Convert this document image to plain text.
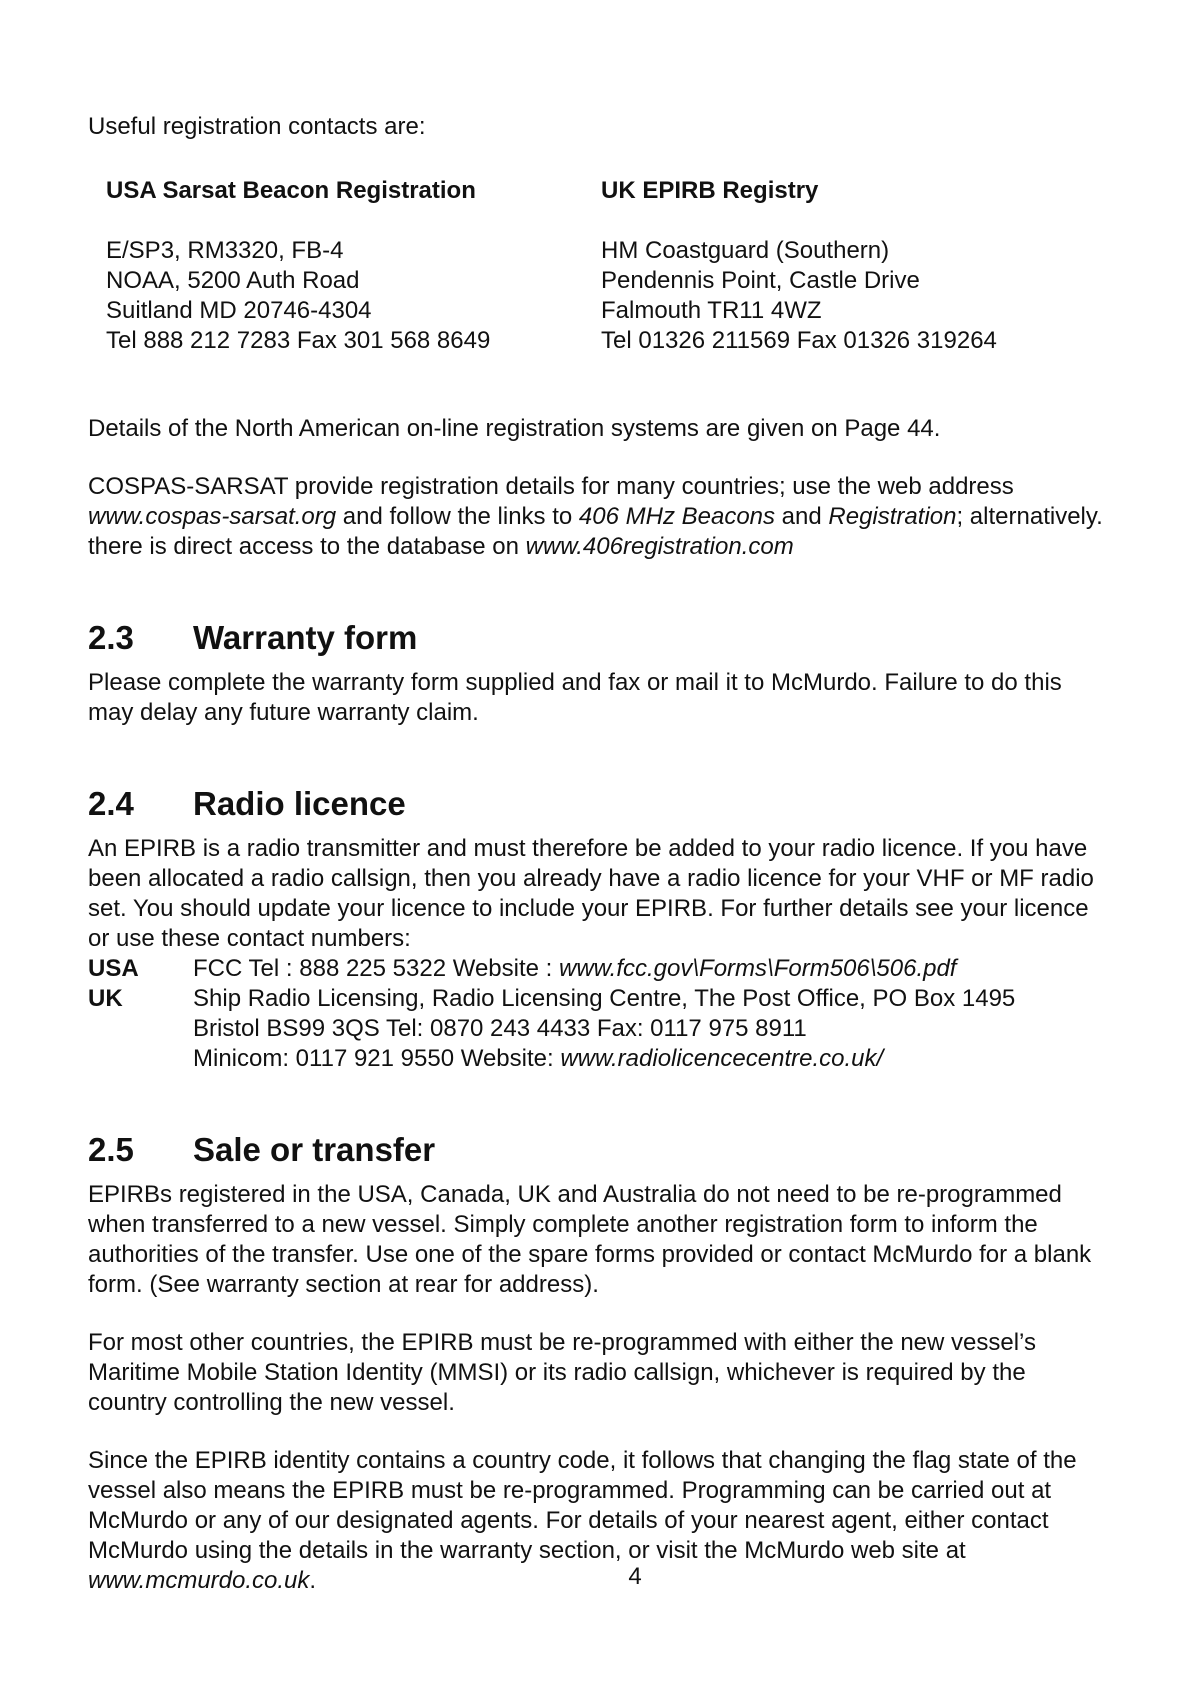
Useful registration contacts are:

USA Sarsat Beacon Registration

E/SP3, RM3320, FB-4
NOAA, 5200 Auth Road
Suitland MD 20746-4304
Tel 888 212 7283 Fax 301 568 8649

UK EPIRB Registry

HM Coastguard (Southern)
Pendennis Point, Castle Drive
Falmouth TR11 4WZ
Tel 01326 211569 Fax 01326 319264

Details of the North American on-line registration systems are given on Page 44.

COSPAS-SARSAT provide registration details for many countries; use the web address www.cospas-sarsat.org and follow the links to 406 MHz Beacons and Registration; alternatively. there is direct access to the database on www.406registration.com

2.3	Warranty form

Please complete the warranty form supplied and fax or mail it to McMurdo. Failure to do this may delay any future warranty claim.

2.4	Radio licence

An EPIRB is a radio transmitter and must therefore be added to your radio licence. If you have been allocated a radio callsign, then you already have a radio licence for your VHF or MF radio set. You should update your licence to include your EPIRB. For further details see your licence or use these contact numbers:

USA	FCC Tel : 888 225 5322 Website : www.fcc.gov\Forms\Form506\506.pdf
UK	Ship Radio Licensing, Radio Licensing Centre, The Post Office, PO Box 1495
Bristol BS99 3QS Tel: 0870 243 4433 Fax: 0117 975 8911
Minicom: 0117 921 9550 Website: www.radiolicencecentre.co.uk/
2.5	Sale or transfer

EPIRBs registered in the USA, Canada, UK and Australia do not need to be re-programmed when transferred to a new vessel. Simply complete another registration form to inform the authorities of the transfer. Use one of the spare forms provided or contact McMurdo for a blank form. (See warranty section at rear for address).

For most other countries, the EPIRB must be re-programmed with either the new vessel’s Maritime Mobile Station Identity (MMSI) or its radio callsign, whichever is required by the country controlling the new vessel.

Since the EPIRB identity contains a country code, it follows that changing the flag state of the vessel also means the EPIRB must be re-programmed. Programming can be carried out at McMurdo or any of our designated agents. For details of your nearest agent, either contact McMurdo using the details in the warranty section, or visit the McMurdo web site at www.mcmurdo.co.uk.	4
